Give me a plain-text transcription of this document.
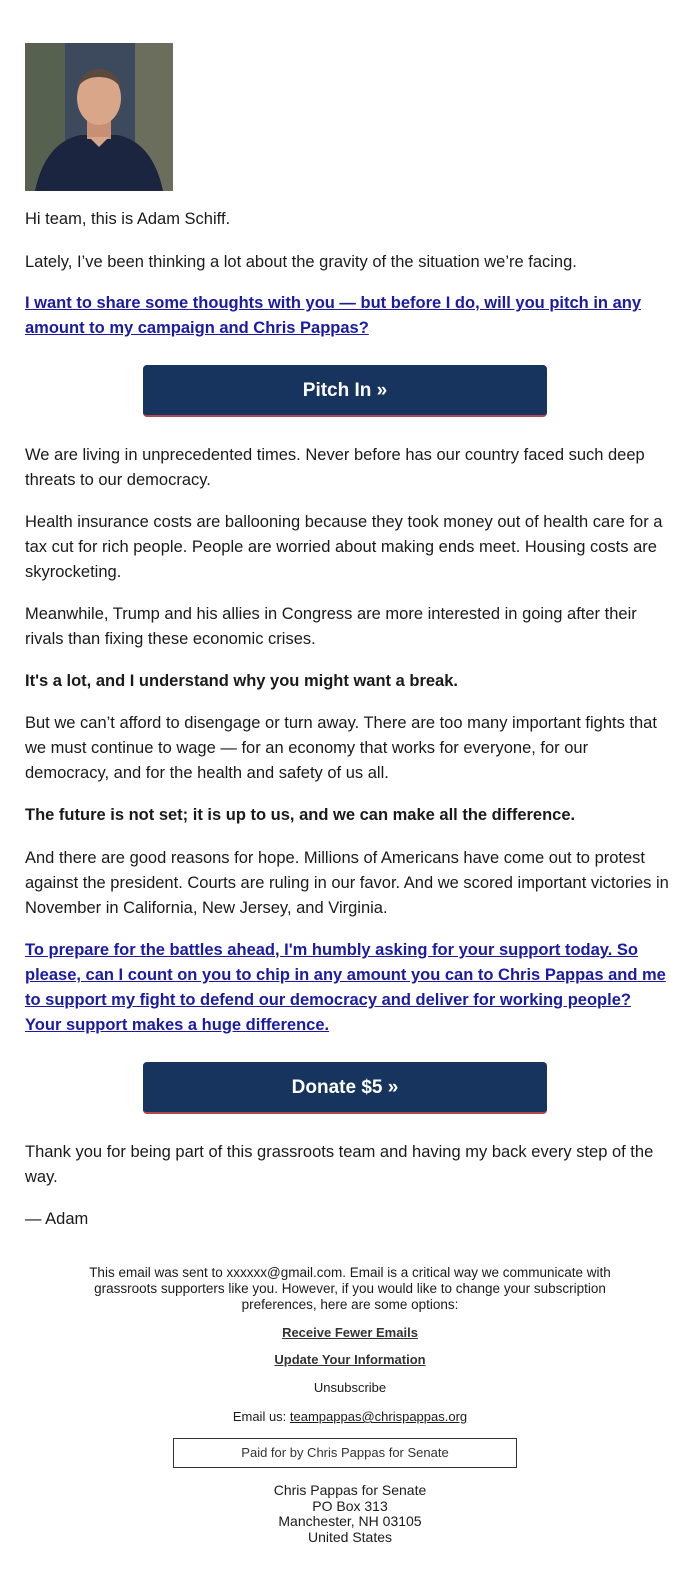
Hi team, this is Adam Schiff.

Lately, I’ve been thinking a lot about the gravity of the situation we’re facing.

I want to share some thoughts with you — but before I do, will you pitch in any amount to my campaign and Chris Pappas?

Pitch In »

We are living in unprecedented times. Never before has our country faced such deep threats to our democracy.

Health insurance costs are ballooning because they took money out of health care for a tax cut for rich people. People are worried about making ends meet. Housing costs are skyrocketing.

Meanwhile, Trump and his allies in Congress are more interested in going after their rivals than fixing these economic crises.

It's a lot, and I understand why you might want a break.

But we can’t afford to disengage or turn away. There are too many important fights that we must continue to wage — for an economy that works for everyone, for our democracy, and for the health and safety of us all.

The future is not set; it is up to us, and we can make all the difference.

And there are good reasons for hope. Millions of Americans have come out to protest against the president. Courts are ruling in our favor. And we scored important victories in November in California, New Jersey, and Virginia.

To prepare for the battles ahead, I'm humbly asking for your support today. So please, can I count on you to chip in any amount you can to Chris Pappas and me to support my fight to defend our democracy and deliver for working people? Your support makes a huge difference.

Donate $5 »

Thank you for being part of this grassroots team and having my back every step of the way.

— Adam

This email was sent to xxxxxx@gmail.com. Email is a critical way we communicate with grassroots supporters like you. However, if you would like to change your subscription preferences, here are some options:
Receive Fewer Emails
Update Your Information
Unsubscribe
Email us: teampappas@chrispappas.org
Paid for by Chris Pappas for Senate
Chris Pappas for Senate
PO Box 313
Manchester, NH 03105
United States
